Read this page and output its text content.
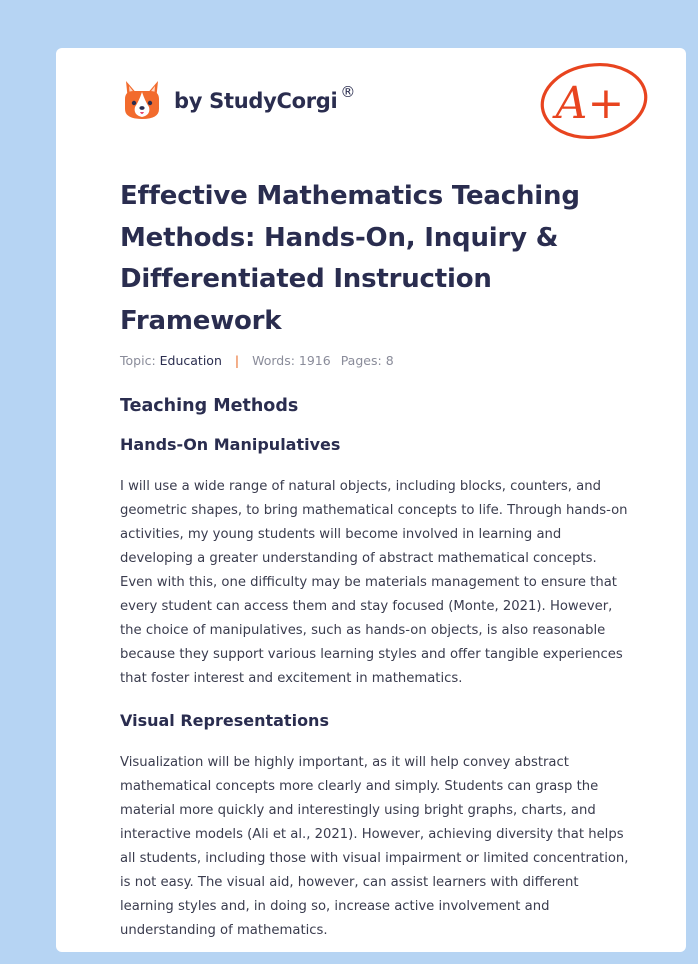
by StudyCorgi ®	A+
Effective Mathematics Teaching Methods: Hands-On, Inquiry & Differentiated Instruction Framework
Topic: Education | Words: 1916 Pages: 8
Teaching Methods
Hands-On Manipulatives

I will use a wide range of natural objects, including blocks, counters, and geometric shapes, to bring mathematical concepts to life. Through hands-on activities, my young students will become involved in learning and developing a greater understanding of abstract mathematical concepts. Even with this, one difficulty may be materials management to ensure that every student can access them and stay focused (Monte, 2021). However, the choice of manipulatives, such as hands-on objects, is also reasonable because they support various learning styles and offer tangible experiences that foster interest and excitement in mathematics.

Visual Representations

Visualization will be highly important, as it will help convey abstract mathematical concepts more clearly and simply. Students can grasp the material more quickly and interestingly using bright graphs, charts, and interactive models (Ali et al., 2021). However, achieving diversity that helps all students, including those with visual impairment or limited concentration, is not easy. The visual aid, however, can assist learners with different learning styles and, in doing so, increase active involvement and understanding of mathematics.
